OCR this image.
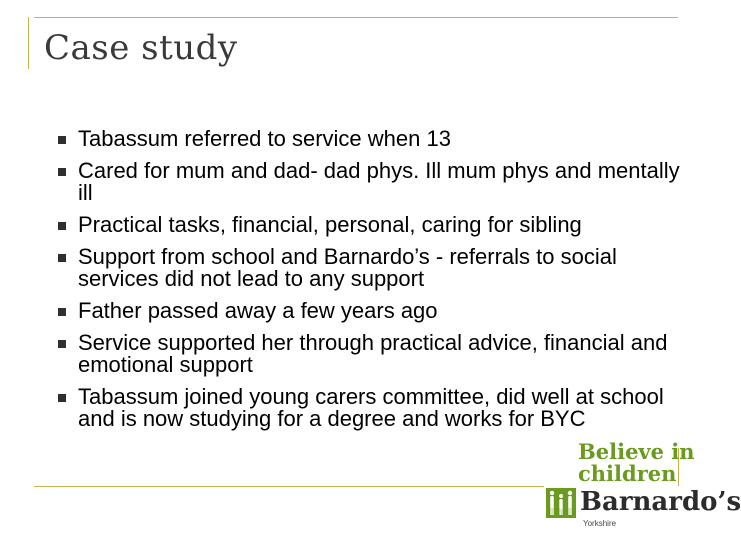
Case study
Tabassum referred to service when 13
Cared for mum and dad- dad phys. Ill mum phys and mentally ill
Practical tasks, financial, personal, caring for sibling
Support from school and Barnardo’s - referrals to social services did not lead to any support
Father passed away a few years ago
Service supported her through practical advice, financial and emotional support
Tabassum joined young carers committee, did well at school and is now studying for a degree and works for BYC
Believe in
children
Barnardo’s
Yorkshire
